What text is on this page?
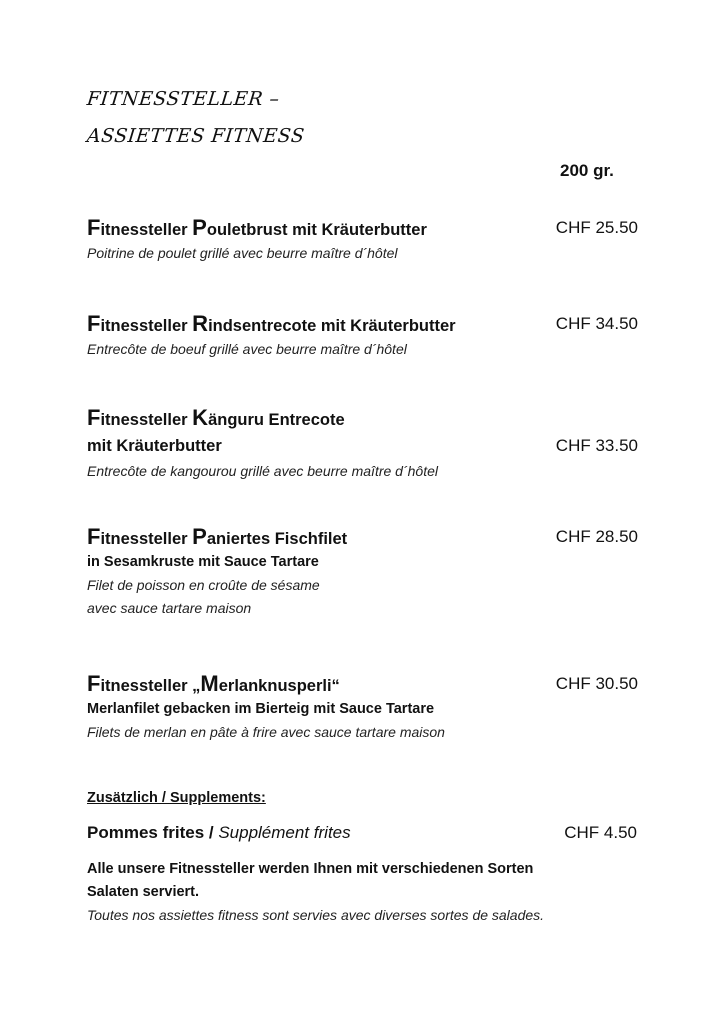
FITNESSTELLER –
ASSIETTES FITNESS
200 gr.
Fitnessteller Pouletbrust mit Kräuterbutter	CHF 25.50
Poitrine de poulet grillé avec beurre maître d´hôtel
Fitnessteller Rindsentrecote mit Kräuterbutter	CHF 34.50
Entrecôte de boeuf grillé avec beurre maître d´hôtel
Fitnessteller Känguru Entrecote
mit Kräuterbutter	CHF 33.50
Entrecôte de kangourou grillé avec beurre maître d´hôtel
Fitnessteller Paniertes Fischfilet	CHF 28.50
in Sesamkruste mit Sauce Tartare
Filet de poisson en croûte de sésame
avec sauce tartare maison
Fitnessteller „Merlanknusperli“	CHF 30.50
Merlanfilet gebacken im Bierteig mit Sauce Tartare
Filets de merlan en pâte à frire avec sauce tartare maison
Zusätzlich / Supplements:
Pommes frites / Supplément frites	CHF 4.50
Alle unsere Fitnessteller werden Ihnen mit verschiedenen Sorten
Salaten serviert.
Toutes nos assiettes fitness sont servies avec diverses sortes de salades.
